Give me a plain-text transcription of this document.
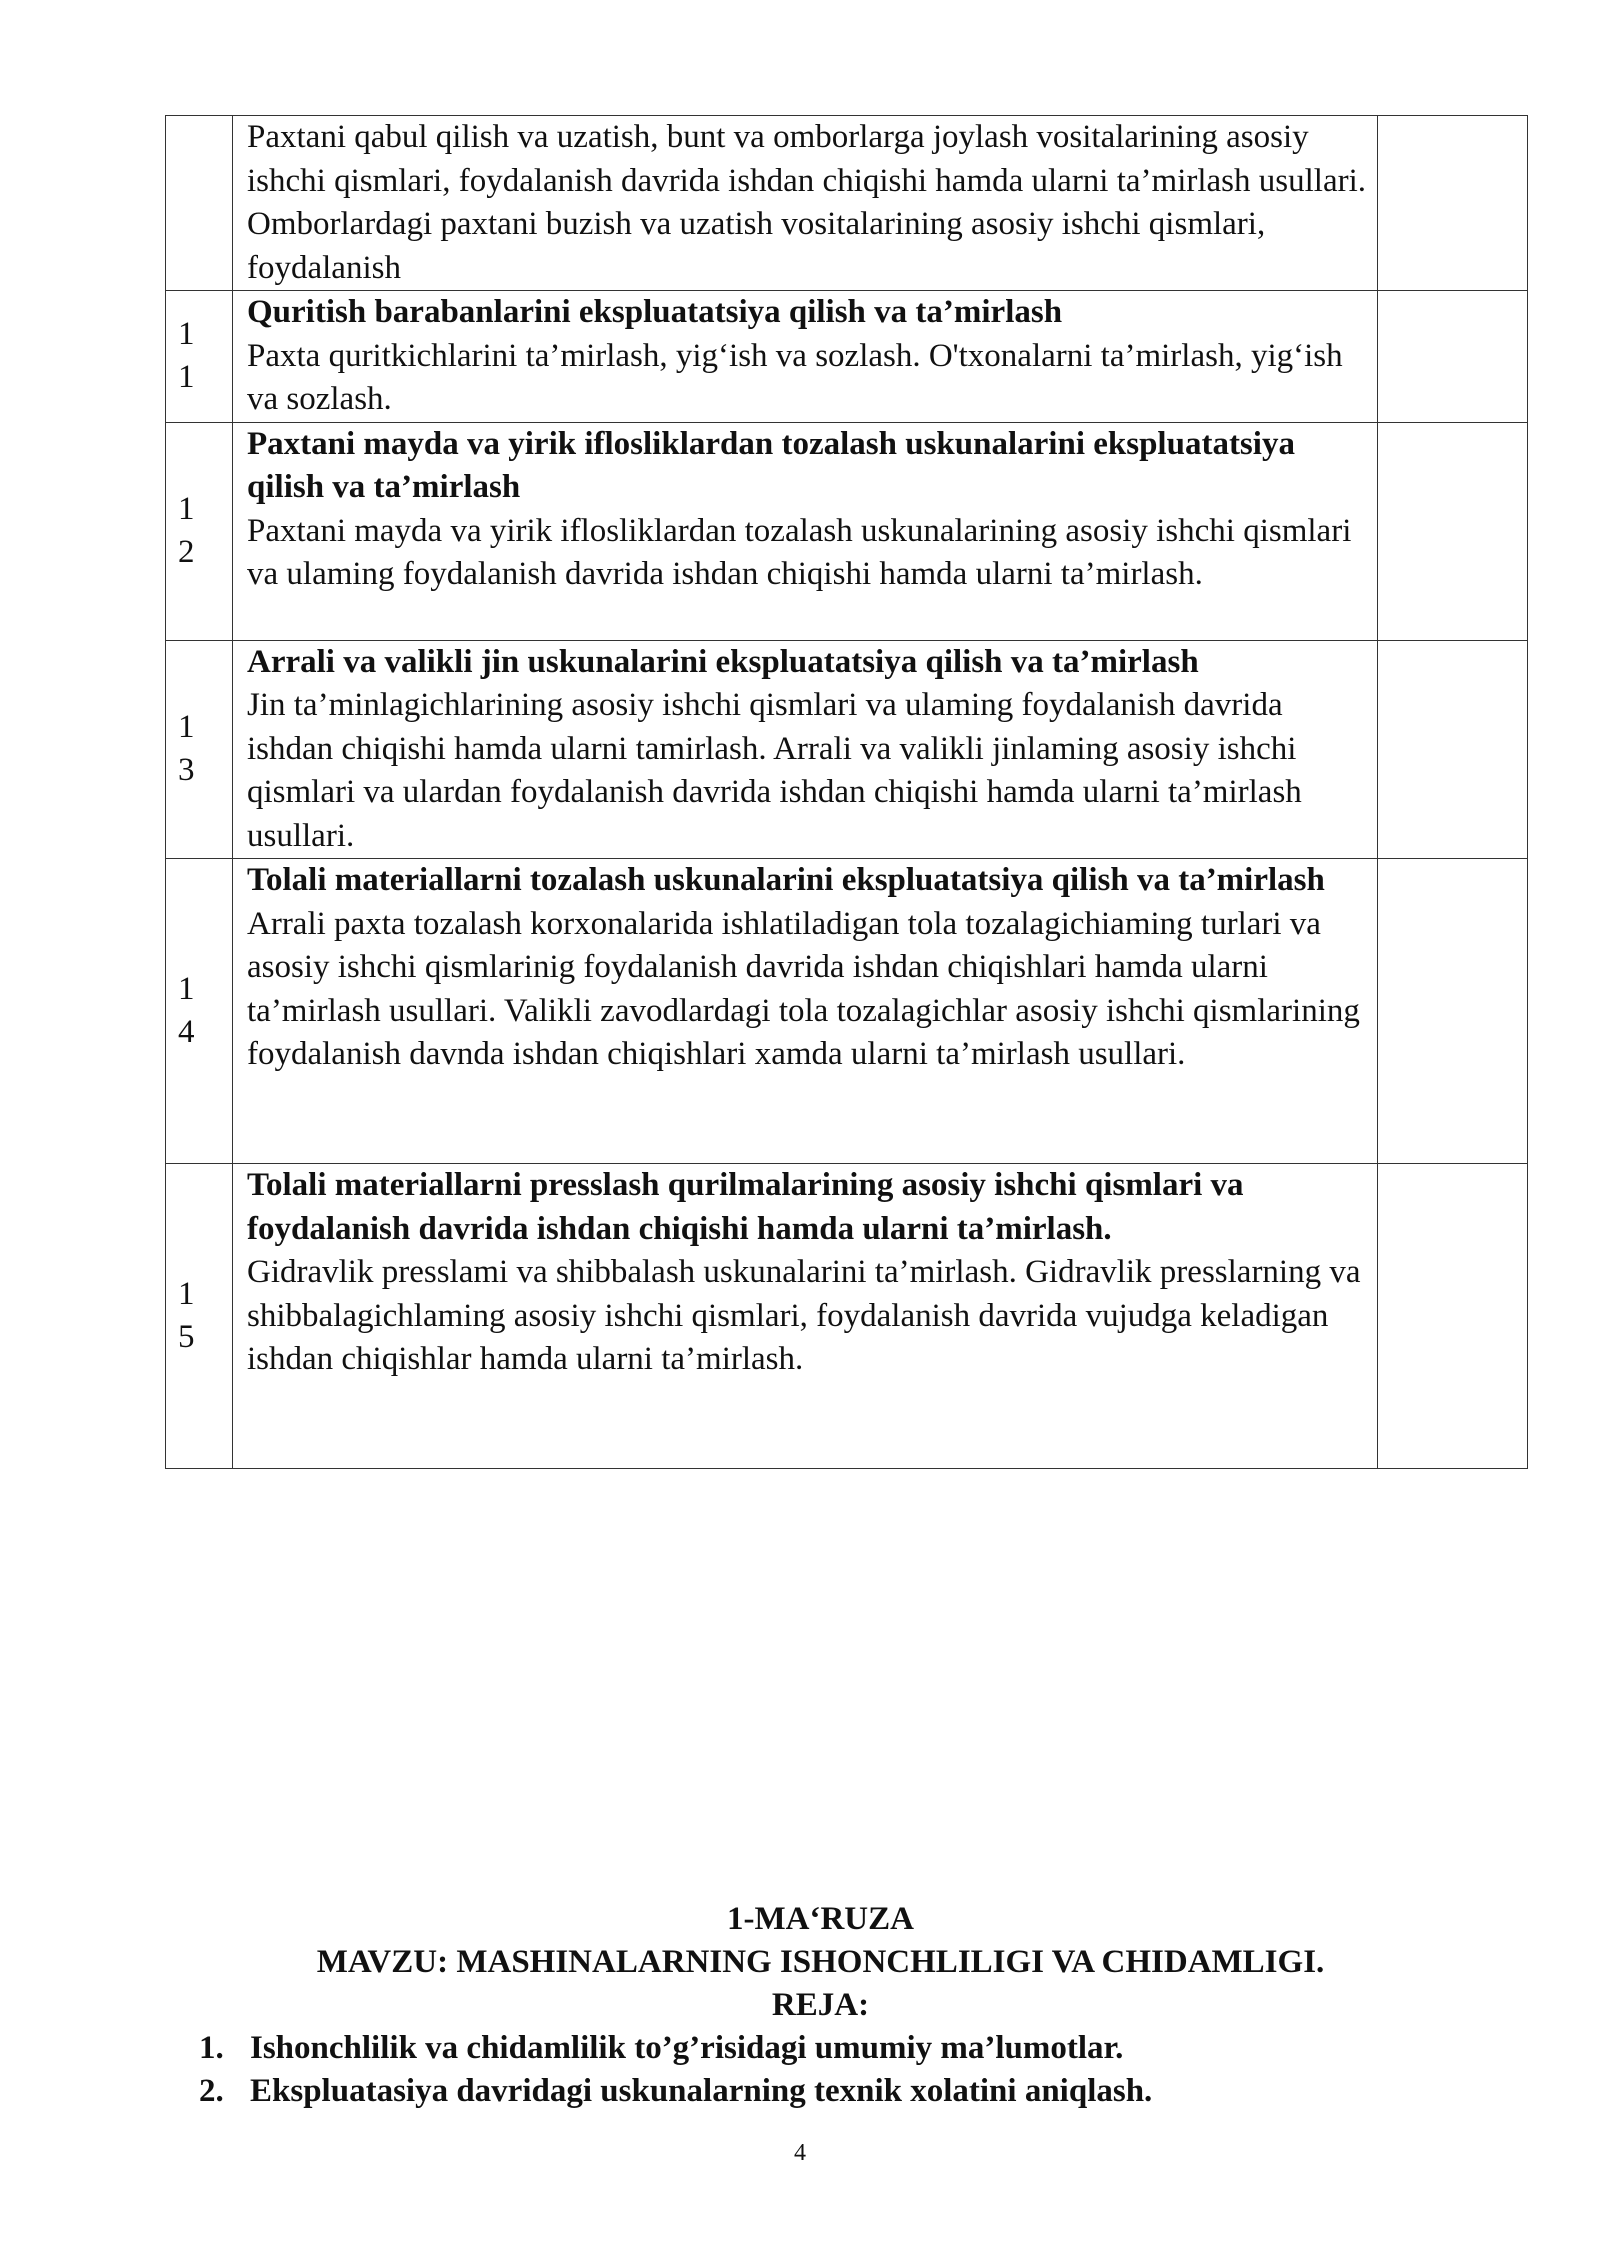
	Paxtani qabul qilish va uzatish, bunt va omborlarga joylash vositalarining asosiy ishchi qismlari, foydalanish davrida ishdan chiqishi hamda ularni ta’mirlash usullari. Omborlardagi paxtani buzish va uzatish vositalarining asosiy ishchi qismlari, foydalanish	

11	Quritish barabanlarini ekspluatatsiya qilish va ta’mirlash
Paxta quritkichlarini ta’mirlash, yig‘ish va sozlash. O'txonalarni ta’mirlash, yig‘ish va sozlash.	

12	Paxtani mayda va yirik iflosliklardan tozalash uskunalarini ekspluatatsiya qilish va ta’mirlash
Paxtani mayda va yirik iflosliklardan tozalash uskunalarining asosiy ishchi qismlari va ulaming foydalanish davrida ishdan chiqishi hamda ularni ta’mirlash.	

13	Arrali va valikli jin uskunalarini ekspluatatsiya qilish va ta’mirlash
Jin ta’minlagichlarining asosiy ishchi qismlari va ulaming foydalanish davrida ishdan chiqishi hamda ularni tamirlash. Arrali va valikli jinlaming asosiy ishchi qismlari va ulardan foydalanish davrida ishdan chiqishi hamda ularni ta’mirlash usullari.	

14	Tolali materiallarni tozalash uskunalarini ekspluatatsiya qilish va ta’mirlash
Arrali paxta tozalash korxonalarida ishlatiladigan tola tozalagichiaming turlari va asosiy ishchi qismlarinig foydalanish davrida ishdan chiqishlari hamda ularni ta’mirlash usullari. Valikli zavodlardagi tola tozalagichlar asosiy ishchi qismlarining foydalanish davnda ishdan chiqishlari xamda ularni ta’mirlash usullari.	

15	Tolali materiallarni presslash qurilmalarining asosiy ishchi qismlari va foydalanish davrida ishdan chiqishi hamda ularni ta’mirlash.
Gidravlik presslami va shibbalash uskunalarini ta’mirlash. Gidravlik presslarning va shibbalagichlaming asosiy ishchi qismlari, foydalanish davrida vujudga keladigan ishdan chiqishlar hamda ularni ta’mirlash.	

1-MA‘RUZA
MAVZU: MASHINALARNING ISHONCHLILIGI VA CHIDAMLIGI.
REJA:
1. Ishonchlilik va chidamlilik to’g’risidagi umumiy ma’lumotlar.
2. Ekspluatasiya davridagi uskunalarning texnik xolatini aniqlash.
4
